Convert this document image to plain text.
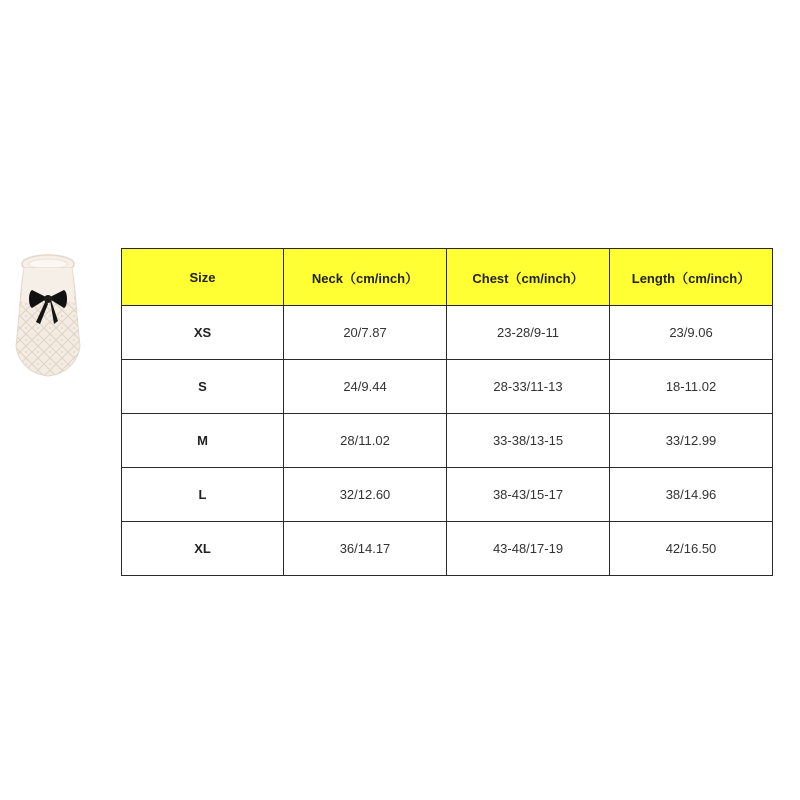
Size	Neck（cm/inch）	Chest（cm/inch）	Length（cm/inch）
XS	20/7.87	23-28/9-11	23/9.06
S	24/9.44	28-33/11-13	18-11.02
M	28/11.02	33-38/13-15	33/12.99
L	32/12.60	38-43/15-17	38/14.96
XL	36/14.17	43-48/17-19	42/16.50
